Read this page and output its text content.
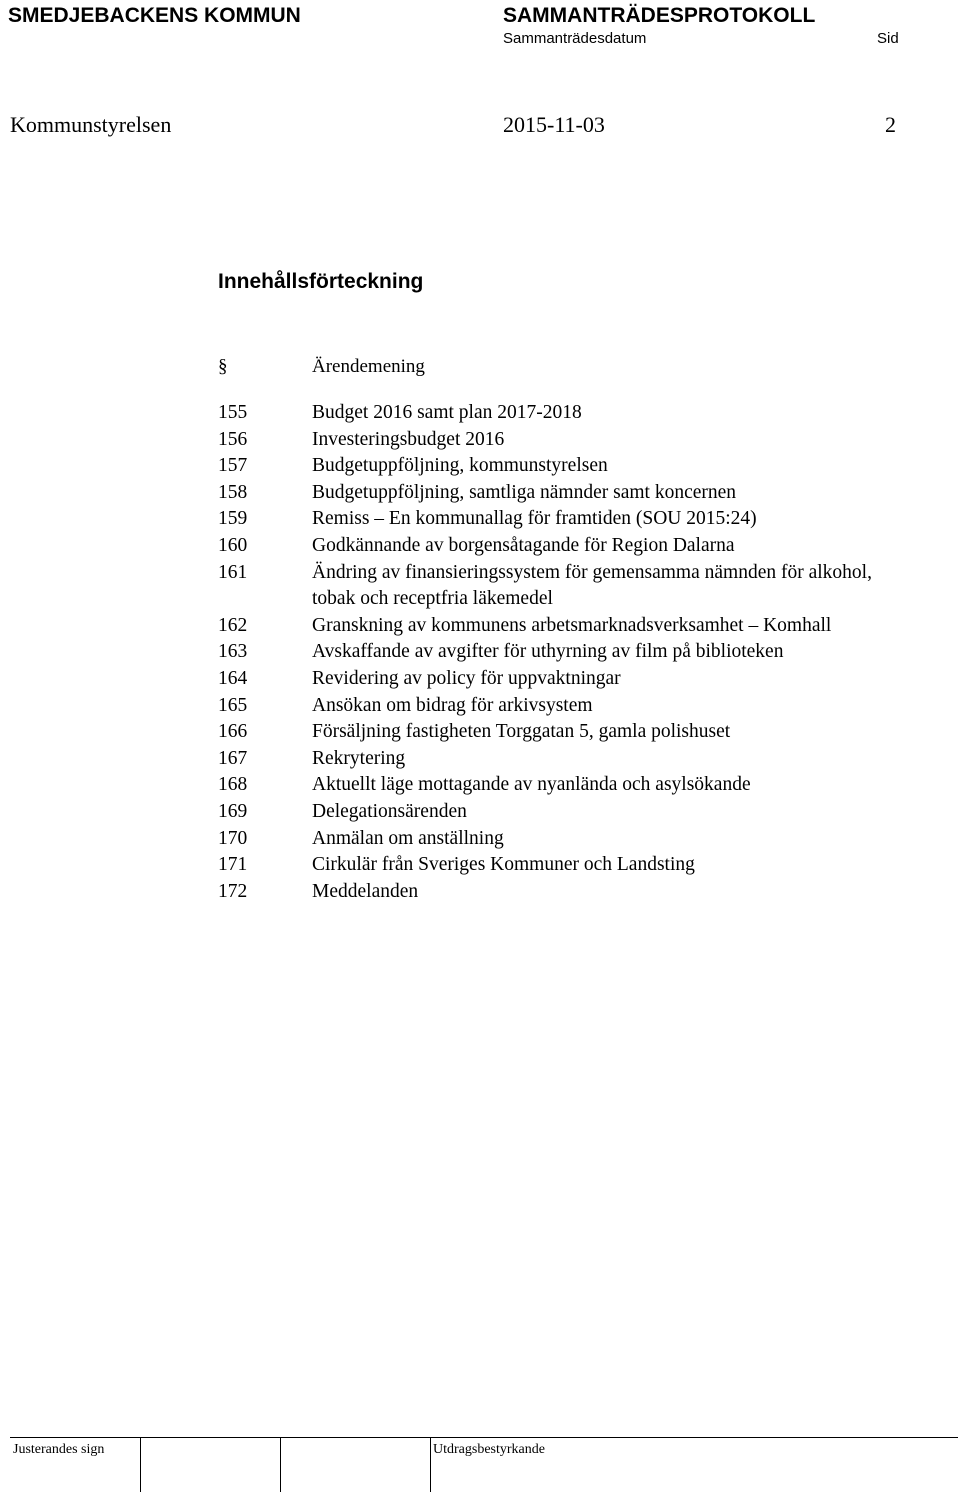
SMEDJEBACKENS KOMMUN	SAMMANTRÄDESPROTOKOLL
Sammanträdesdatum	Sid
Kommunstyrelsen	2015-11-03	2
Innehållsförteckning
§	Ärendemening
155	Budget 2016 samt plan 2017-2018
156	Investeringsbudget 2016
157	Budgetuppföljning, kommunstyrelsen
158	Budgetuppföljning, samtliga nämnder samt koncernen
159	Remiss – En kommunallag för framtiden (SOU 2015:24)
160	Godkännande av borgensåtagande för Region Dalarna
161	Ändring av finansieringssystem för gemensamma nämnden för alkohol, tobak och receptfria läkemedel
162	Granskning av kommunens arbetsmarknadsverksamhet – Komhall
163	Avskaffande av avgifter för uthyrning av film på biblioteken
164	Revidering av policy för uppvaktningar
165	Ansökan om bidrag för arkivsystem
166	Försäljning fastigheten Torggatan 5, gamla polishuset
167	Rekrytering
168	Aktuellt läge mottagande av nyanlända och asylsökande
169	Delegationsärenden
170	Anmälan om anställning
171	Cirkulär från Sveriges Kommuner och Landsting
172	Meddelanden
Justerandes sign	Utdragsbestyrkande
